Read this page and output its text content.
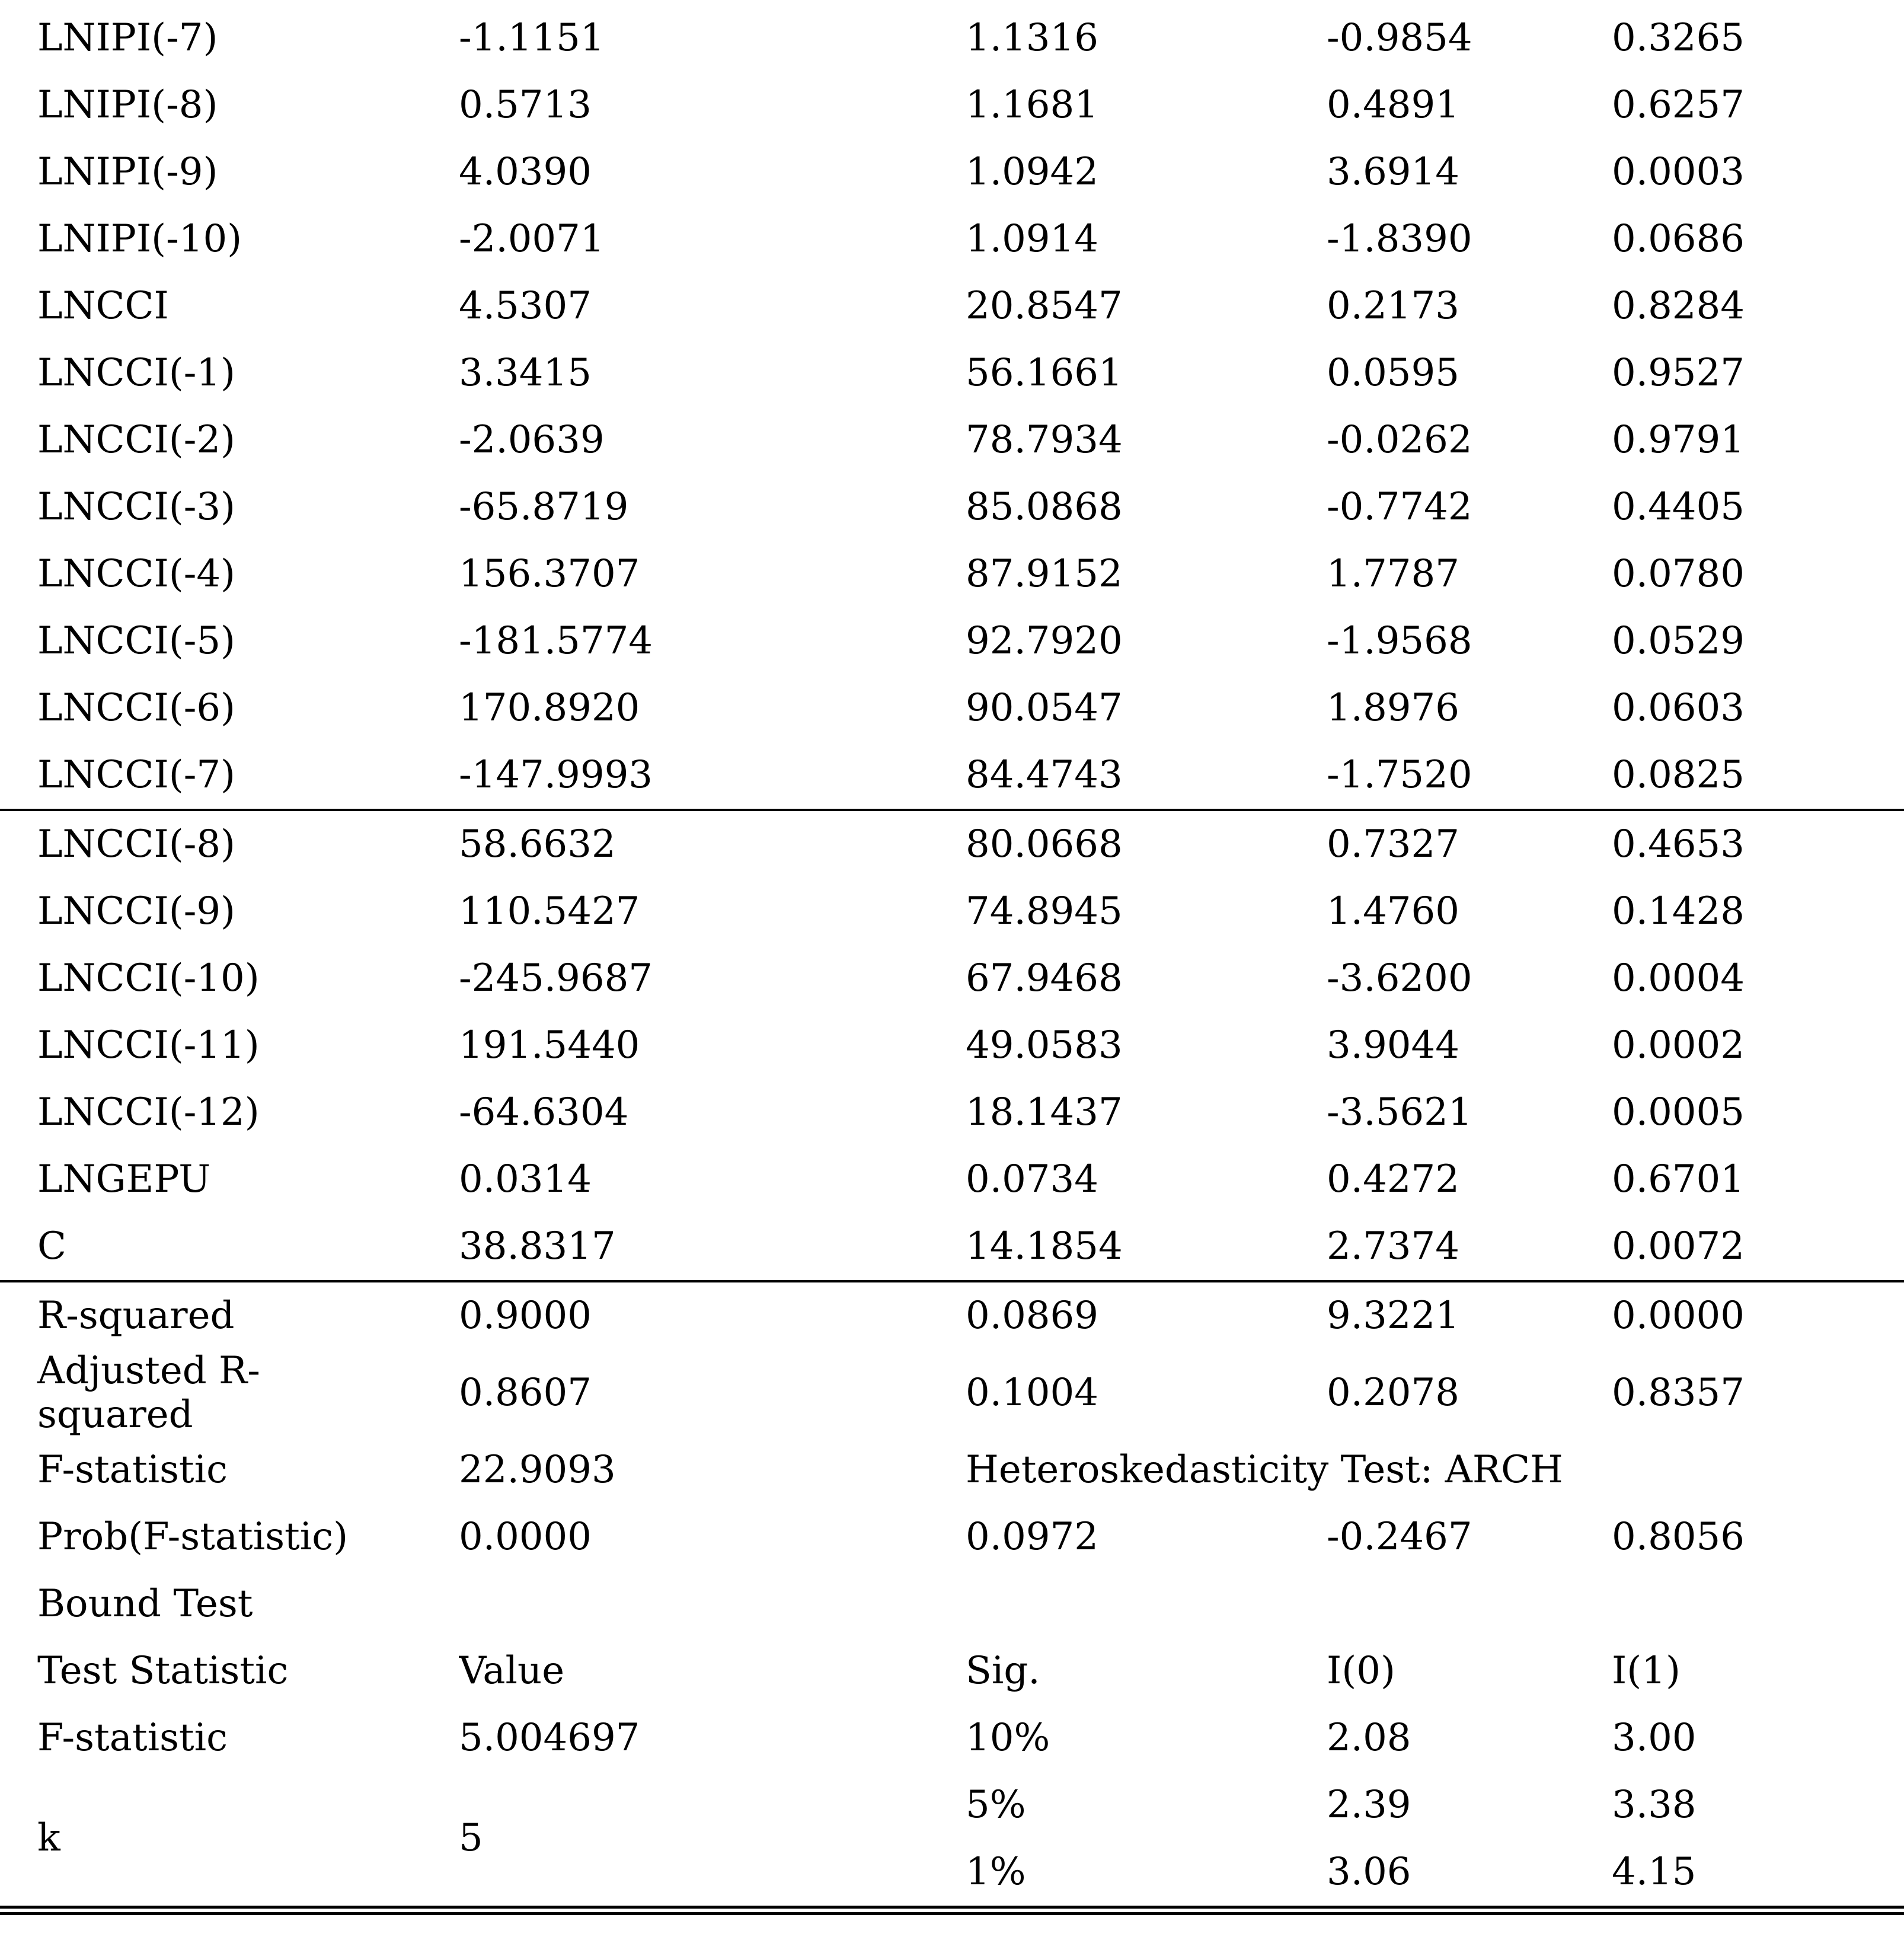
LNIPI(-7)	-1.1151	1.1316	-0.9854	0.3265
LNIPI(-8)	0.5713	1.1681	0.4891	0.6257
LNIPI(-9)	4.0390	1.0942	3.6914	0.0003
LNIPI(-10)	-2.0071	1.0914	-1.8390	0.0686
LNCCI	4.5307	20.8547	0.2173	0.8284
LNCCI(-1)	3.3415	56.1661	0.0595	0.9527
LNCCI(-2)	-2.0639	78.7934	-0.0262	0.9791
LNCCI(-3)	-65.8719	85.0868	-0.7742	0.4405
LNCCI(-4)	156.3707	87.9152	1.7787	0.0780
LNCCI(-5)	-181.5774	92.7920	-1.9568	0.0529
LNCCI(-6)	170.8920	90.0547	1.8976	0.0603
LNCCI(-7)	-147.9993	84.4743	-1.7520	0.0825
LNCCI(-8)	58.6632	80.0668	0.7327	0.4653
LNCCI(-9)	110.5427	74.8945	1.4760	0.1428
LNCCI(-10)	-245.9687	67.9468	-3.6200	0.0004
LNCCI(-11)	191.5440	49.0583	3.9044	0.0002
LNCCI(-12)	-64.6304	18.1437	-3.5621	0.0005
LNGEPU	0.0314	0.0734	0.4272	0.6701
C	38.8317	14.1854	2.7374	0.0072
R-squared	0.9000	0.0869	9.3221	0.0000
Adjusted R-
squared	0.8607	0.1004	0.2078	0.8357
F-statistic	22.9093	Heteroskedasticity Test: ARCH		
Prob(F-statistic)	0.0000	0.0972	-0.2467	0.8056
Bound Test				
Test Statistic	Value	Sig.	I(0)	I(1)
F-statistic	5.004697	10%	2.08	3.00
k	5	5%	2.39	3.38
		1%	3.06	4.15
